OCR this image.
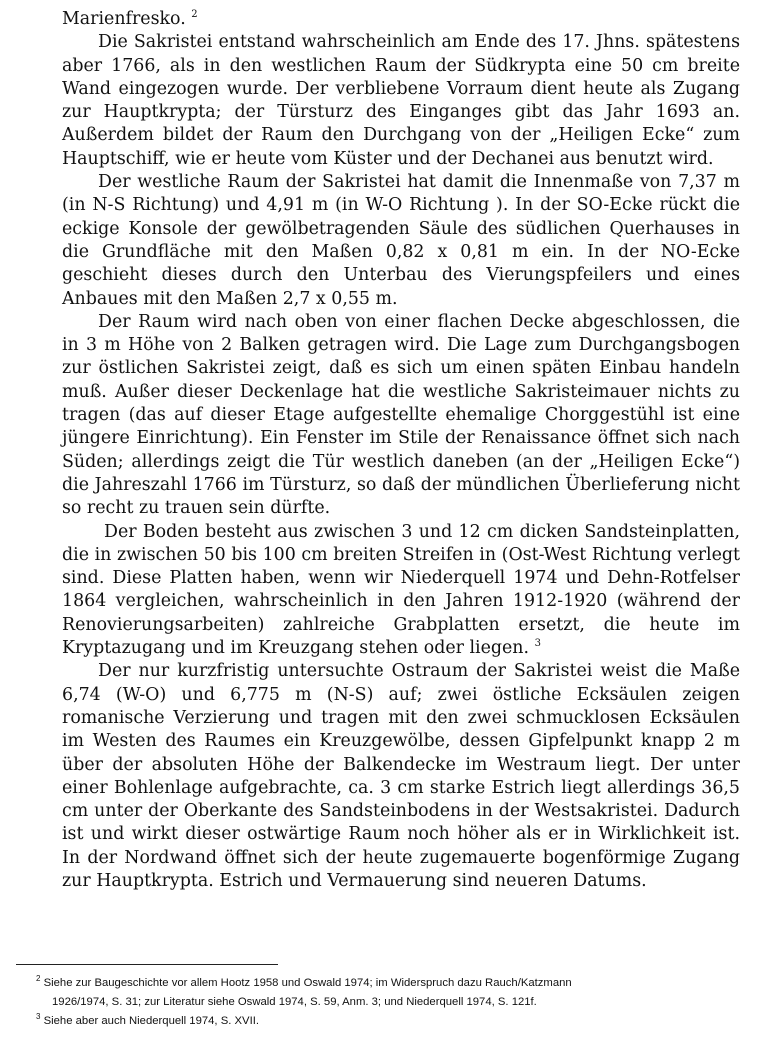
Marienfresko. $^2$

Die Sakristei entstand wahrscheinlich am Ende des 17. Jhns. spätestens aber 1766, als in den westlichen Raum der Südkrypta eine 50 cm breite Wand eingezogen wurde. Der verbliebene Vorraum dient heute als Zugang zur Hauptkrypta; der Türsturz des Einganges gibt das Jahr 1693 an. Außerdem bildet der Raum den Durchgang von der „Heiligen Ecke“ zum Hauptschiff, wie er heute vom Küster und der Dechanei aus benutzt wird.

Der westliche Raum der Sakristei hat damit die Innenmaße von 7,37 m (in N-S Richtung) und 4,91 m (in W-O Richtung ). In der SO-Ecke rückt die eckige Konsole der gewölbetragenden Säule des südlichen Querhauses in die Grundfläche mit den Maßen 0,82 x 0,81 m ein. In der NO-Ecke geschieht dieses durch den Unterbau des Vierungspfeilers und eines Anbaues mit den Maßen 2,7 x 0,55 m.

Der Raum wird nach oben von einer flachen Decke abgeschlossen, die in 3 m Höhe von 2 Balken getragen wird. Die Lage zum Durchgangsbogen zur östlichen Sakristei zeigt, daß es sich um einen späten Einbau handeln muß. Außer dieser Deckenlage hat die westliche Sakristeimauer nichts zu tragen (das auf dieser Etage aufgestellte ehemalige Chorggestühl ist eine jüngere Einrichtung). Ein Fenster im Stile der Renaissance öffnet sich nach Süden; allerdings zeigt die Tür westlich daneben (an der „Heiligen Ecke“) die Jahreszahl 1766 im Türsturz, so daß der mündlichen Überlieferung nicht so recht zu trauen sein dürfte.

Der Boden besteht aus zwischen 3 und 12 cm dicken Sandsteinplatten, die in zwischen 50 bis 100 cm breiten Streifen in (Ost-West Richtung verlegt sind. Diese Platten haben, wenn wir Niederquell 1974 und Dehn-Rotfelser 1864 vergleichen, wahrscheinlich in den Jahren 1912-1920 (während der Renovierungsarbeiten) zahlreiche Grabplatten ersetzt, die heute im Kryptazugang und im Kreuzgang stehen oder liegen. $^3$

Der nur kurzfristig untersuchte Ostraum der Sakristei weist die Maße 6,74 (W-O) und 6,775 m (N-S) auf; zwei östliche Ecksäulen zeigen romanische Verzierung und tragen mit den zwei schmucklosen Ecksäulen im Westen des Raumes ein Kreuzgewölbe, dessen Gipfelpunkt knapp 2 m über der absoluten Höhe der Balkendecke im Westraum liegt. Der unter einer Bohlenlage aufgebrachte, ca. 3 cm starke Estrich liegt allerdings 36,5 cm unter der Oberkante des Sandsteinbodens in der Westsakristei. Dadurch ist und wirkt dieser ostwärtige Raum noch höher als er in Wirklichkeit ist. In der Nordwand öffnet sich der heute zugemauerte bogenförmige Zugang zur Hauptkrypta. Estrich und Vermauerung sind neueren Datums.

$^2$ Siehe zur Baugeschichte vor allem Hootz 1958 und Oswald 1974; im Widerspruch dazu Rauch/Katzmann
1926/1974, S. 31; zur Literatur siehe Oswald 1974, S. 59, Anm. 3; und Niederquell 1974, S. 121f.
$^3$ Siehe aber auch Niederquell 1974, S. XVII.
